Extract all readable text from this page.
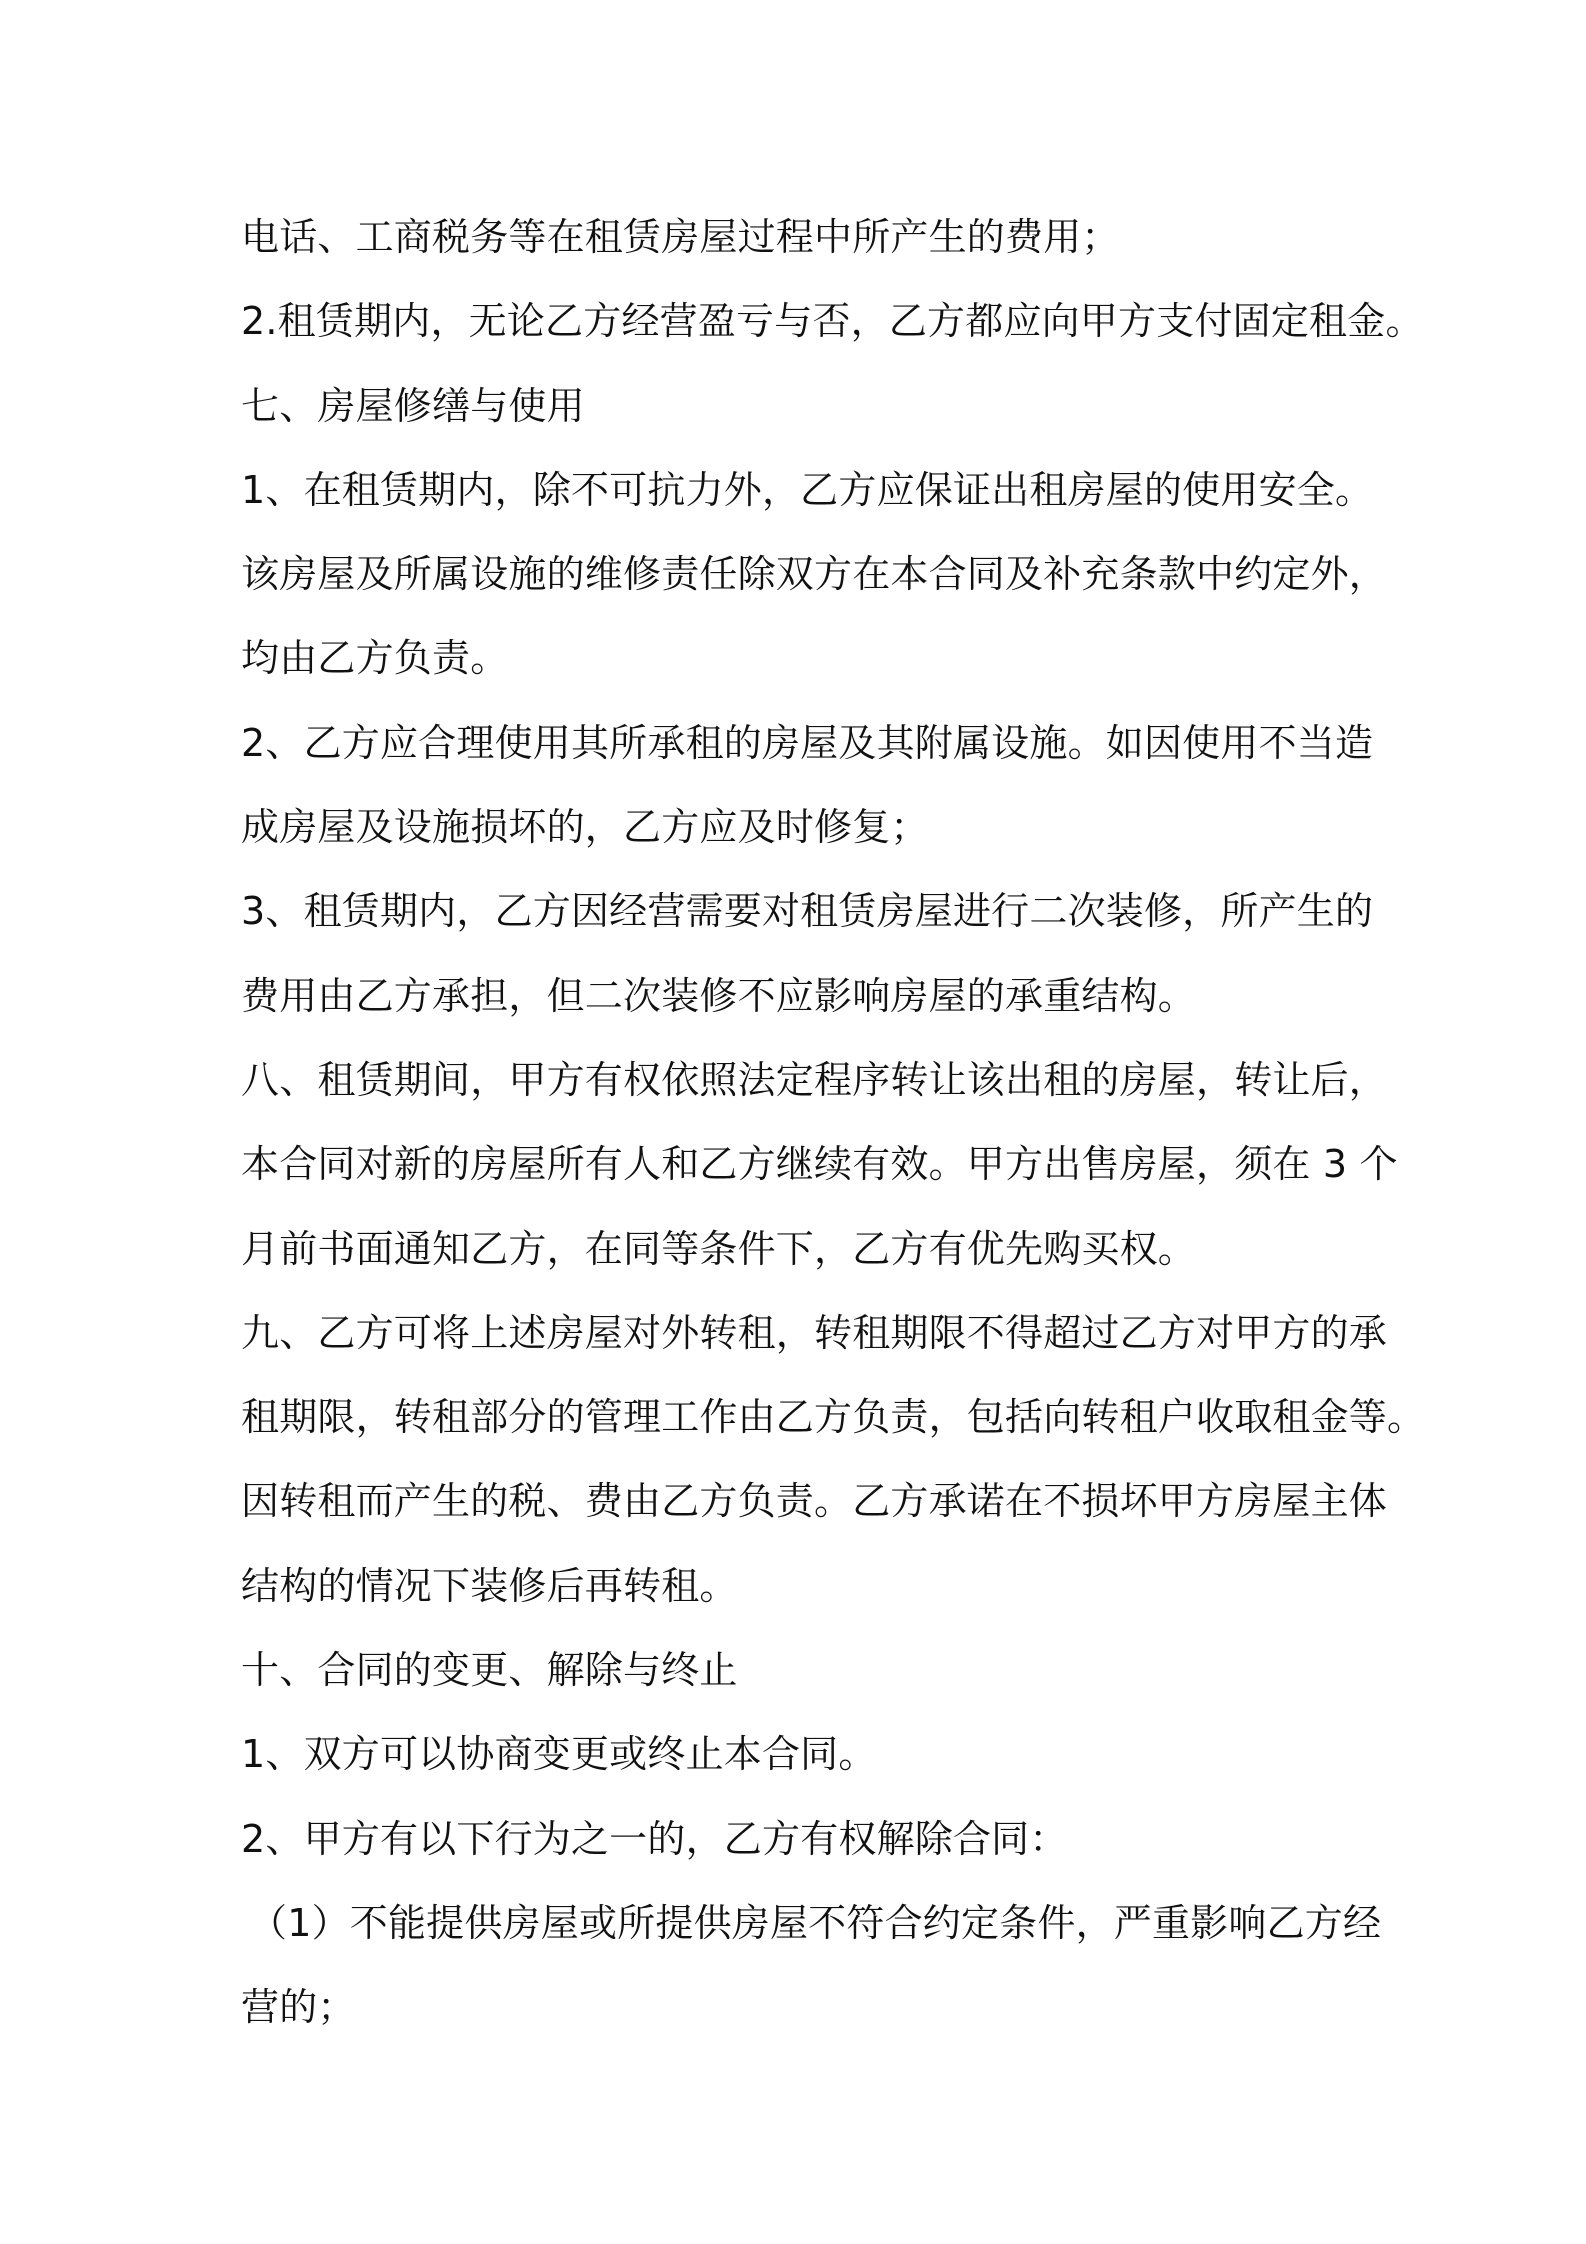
电话、工商税务等在租赁房屋过程中所产生的费用；
2.租赁期内，无论乙方经营盈亏与否，乙方都应向甲方支付固定租金。
七、房屋修缮与使用
1、在租赁期内，除不可抗力外，乙方应保证出租房屋的使用安全。
该房屋及所属设施的维修责任除双方在本合同及补充条款中约定外，
均由乙方负责。
2、乙方应合理使用其所承租的房屋及其附属设施。如因使用不当造
成房屋及设施损坏的，乙方应及时修复；
3、租赁期内，乙方因经营需要对租赁房屋进行二次装修，所产生的
费用由乙方承担，但二次装修不应影响房屋的承重结构。
八、租赁期间，甲方有权依照法定程序转让该出租的房屋，转让后，
本合同对新的房屋所有人和乙方继续有效。甲方出售房屋，须在 3 个
月前书面通知乙方，在同等条件下，乙方有优先购买权。
九、乙方可将上述房屋对外转租，转租期限不得超过乙方对甲方的承
租期限，转租部分的管理工作由乙方负责，包括向转租户收取租金等。
因转租而产生的税、费由乙方负责。乙方承诺在不损坏甲方房屋主体
结构的情况下装修后再转租。
十、合同的变更、解除与终止
1、双方可以协商变更或终止本合同。
2、甲方有以下行为之一的，乙方有权解除合同：
（1）不能提供房屋或所提供房屋不符合约定条件，严重影响乙方经
营的；
